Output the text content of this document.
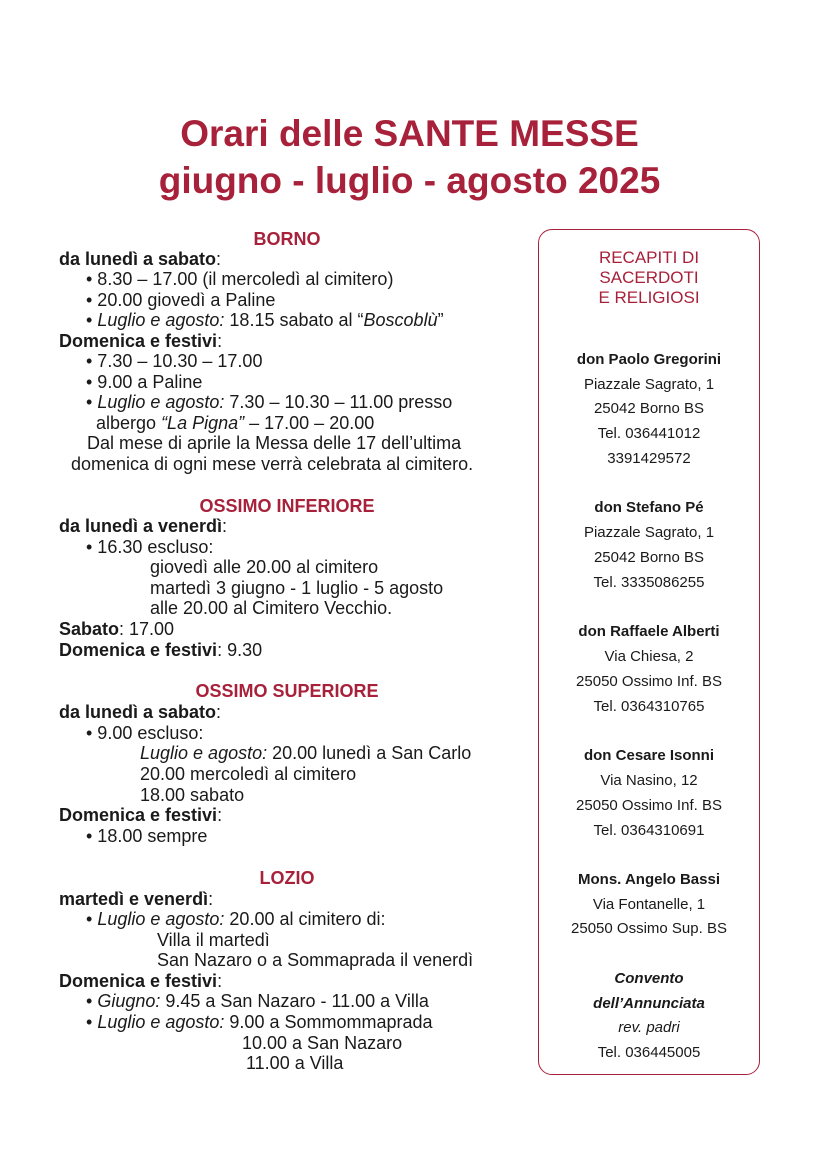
Orari delle SANTE MESSE
giugno - luglio - agosto 2025
BORNO
da lunedì a sabato:
• 8.30 – 17.00 (il mercoledì al cimitero)
• 20.00 giovedì a Paline
• Luglio e agosto: 18.15 sabato al “Boscoblù”
Domenica e festivi:
• 7.30 – 10.30 – 17.00
• 9.00 a Paline
• Luglio e agosto: 7.30 – 10.30 – 11.00 presso
albergo “La Pigna” – 17.00 – 20.00
Dal mese di aprile la Messa delle 17 dell’ultima
domenica di ogni mese verrà celebrata al cimitero.
OSSIMO INFERIORE
da lunedì a venerdì:
• 16.30 escluso:
giovedì alle 20.00 al cimitero
martedì 3 giugno - 1 luglio - 5 agosto
alle 20.00 al Cimitero Vecchio.
Sabato: 17.00
Domenica e festivi: 9.30
OSSIMO SUPERIORE
da lunedì a sabato:
• 9.00 escluso:
Luglio e agosto: 20.00 lunedì a San Carlo
20.00 mercoledì al cimitero
18.00 sabato
Domenica e festivi:
• 18.00 sempre
LOZIO
martedì e venerdì:
• Luglio e agosto: 20.00 al cimitero di:
Villa il martedì
San Nazaro o a Sommaprada il venerdì
Domenica e festivi:
• Giugno: 9.45 a San Nazaro - 11.00 a Villa
• Luglio e agosto: 9.00 a Sommommaprada
10.00 a San Nazaro
11.00 a Villa
RECAPITI DI
SACERDOTI
E RELIGIOSI
don Paolo Gregorini
Piazzale Sagrato, 1
25042 Borno BS
Tel. 036441012
3391429572
don Stefano Pé
Piazzale Sagrato, 1
25042 Borno BS
Tel. 3335086255
don Raffaele Alberti
Via Chiesa, 2
25050 Ossimo Inf. BS
Tel. 0364310765
don Cesare Isonni
Via Nasino, 12
25050 Ossimo Inf. BS
Tel. 0364310691
Mons. Angelo Bassi
Via Fontanelle, 1
25050 Ossimo Sup. BS
Convento
dell’Annunciata
rev. padri
Tel. 036445005
